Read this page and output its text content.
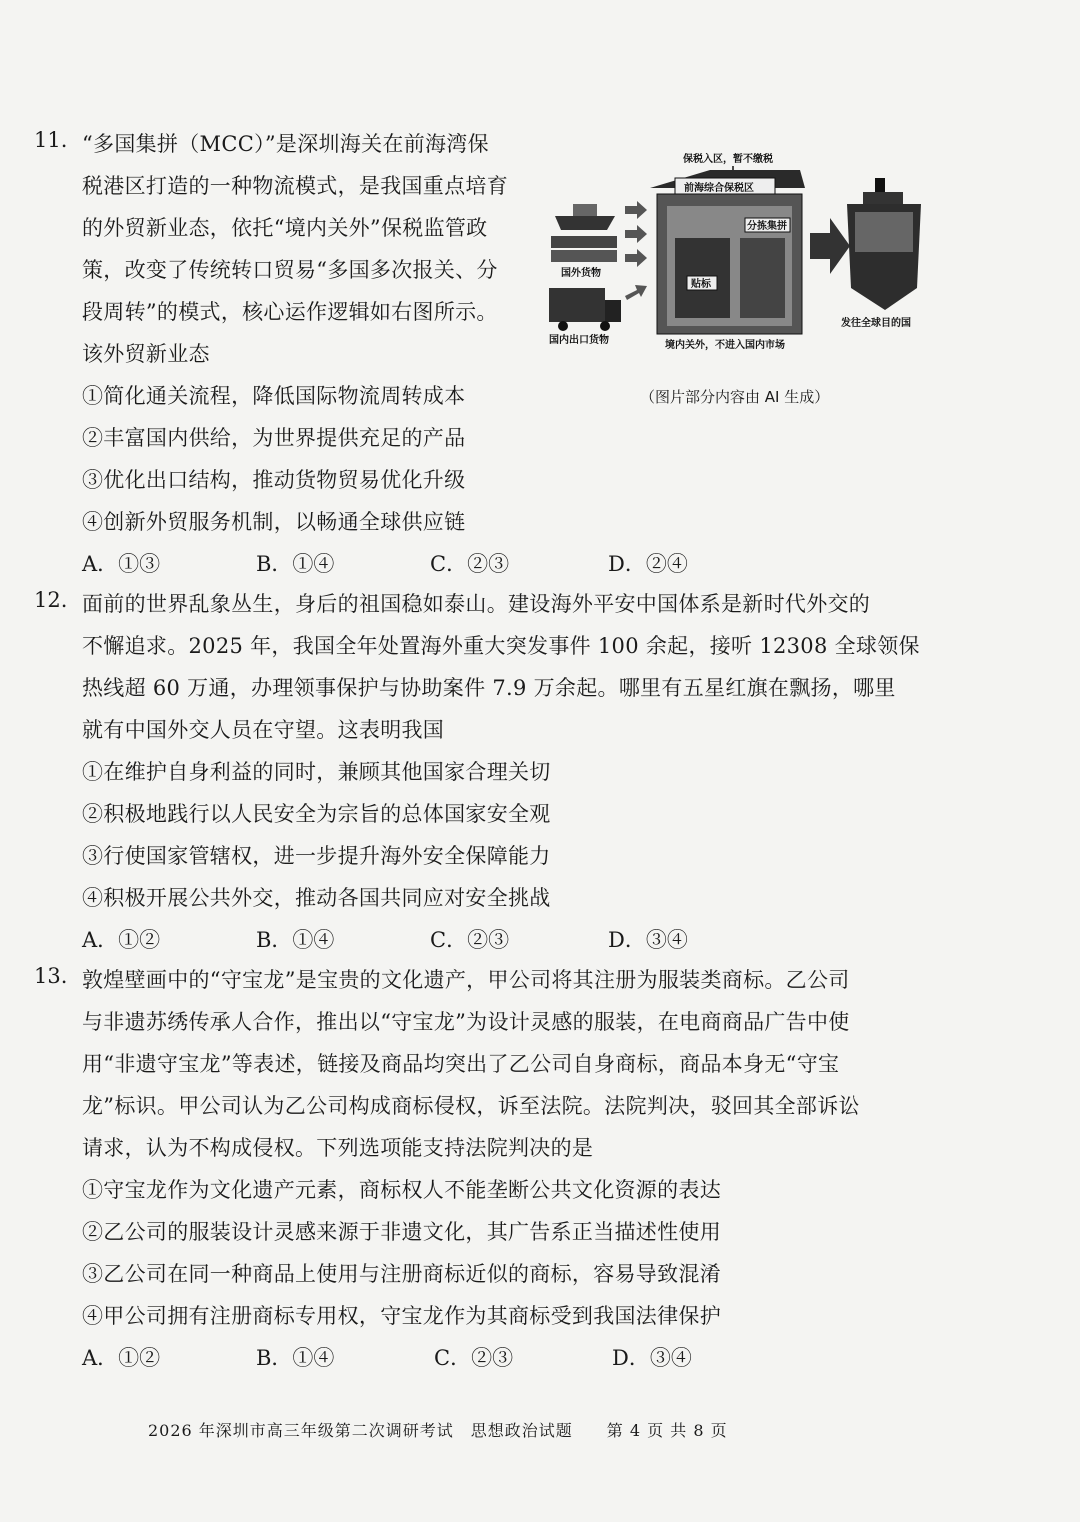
11. “多国集拼（MCC）”是深圳海关在前海湾保
税港区打造的一种物流模式，是我国重点培育
的外贸新业态，依托“境内关外”保税监管政
策，改变了传统转口贸易“多国多次报关、分
段周转”的模式，核心运作逻辑如右图所示。
该外贸新业态
①简化通关流程，降低国际物流周转成本
②丰富国内供给，为世界提供充足的产品
③优化出口结构，推动货物贸易优化升级
④创新外贸服务机制，以畅通全球供应链
A．①③	B．①④	C．②③	D．②④
保税入区，暂不缴税
前海综合保税区
分拣集拼
贴标
国外货物
国内出口货物
发往全球目的国
境内关外，不进入国内市场
（图片部分内容由 AI 生成）
12. 面前的世界乱象丛生，身后的祖国稳如泰山。建设海外平安中国体系是新时代外交的
不懈追求。2025 年，我国全年处置海外重大突发事件 100 余起，接听 12308 全球领保
热线超 60 万通，办理领事保护与协助案件 7.9 万余起。哪里有五星红旗在飘扬，哪里
就有中国外交人员在守望。这表明我国
①在维护自身利益的同时，兼顾其他国家合理关切
②积极地践行以人民安全为宗旨的总体国家安全观
③行使国家管辖权，进一步提升海外安全保障能力
④积极开展公共外交，推动各国共同应对安全挑战
A．①②	B．①④	C．②③	D．③④
13. 敦煌壁画中的“守宝龙”是宝贵的文化遗产，甲公司将其注册为服装类商标。乙公司
与非遗苏绣传承人合作，推出以“守宝龙”为设计灵感的服装，在电商商品广告中使
用“非遗守宝龙”等表述，链接及商品均突出了乙公司自身商标，商品本身无“守宝
龙”标识。甲公司认为乙公司构成商标侵权，诉至法院。法院判决，驳回其全部诉讼
请求，认为不构成侵权。下列选项能支持法院判决的是
①守宝龙作为文化遗产元素，商标权人不能垄断公共文化资源的表达
②乙公司的服装设计灵感来源于非遗文化，其广告系正当描述性使用
③乙公司在同一种商品上使用与注册商标近似的商标，容易导致混淆
④甲公司拥有注册商标专用权，守宝龙作为其商标受到我国法律保护
A．①②	B．①④	C．②③	D．③④
2026 年深圳市高三年级第二次调研考试　思想政治试题　　第 4 页 共 8 页
